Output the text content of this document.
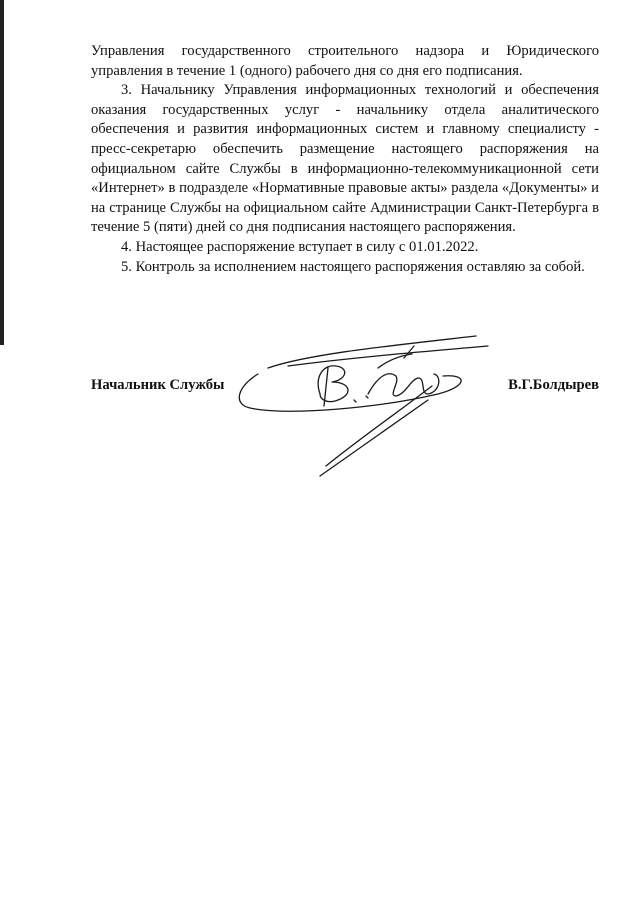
Управления государственного строительного надзора и Юридического управления в течение 1 (одного) рабочего дня со дня его подписания.

3. Начальнику Управления информационных технологий и обеспечения оказания государственных услуг - начальнику отдела аналитического обеспечения и развития информационных систем и главному специалисту - пресс-секретарю обеспечить размещение настоящего распоряжения на официальном сайте Службы в информационно-телекоммуникационной сети «Интернет» в подразделе «Нормативные правовые акты» раздела «Документы» и на странице Службы на официальном сайте Администрации Санкт-Петербурга в течение 5 (пяти) дней со дня подписания настоящего распоряжения.

4. Настоящее распоряжение вступает в силу с 01.01.2022.

5. Контроль за исполнением настоящего распоряжения оставляю за собой.

Начальник Службы	В.Г.Болдырев
